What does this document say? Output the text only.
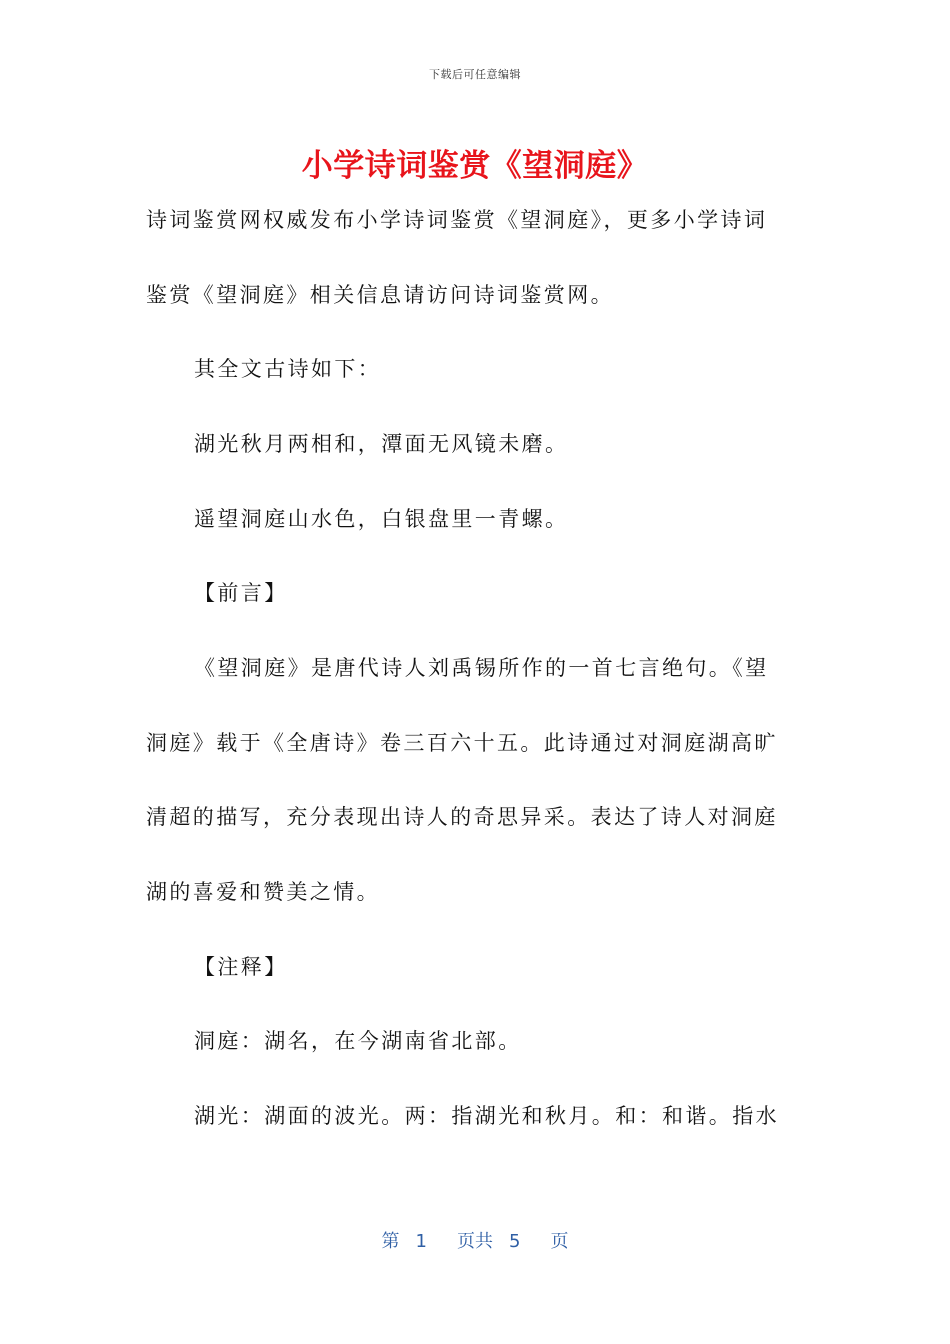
下载后可任意编辑
小学诗词鉴赏《望洞庭》
诗词鉴赏网权威发布小学诗词鉴赏《望洞庭》，更多小学诗词
鉴赏《望洞庭》相关信息请访问诗词鉴赏网。
其全文古诗如下：
湖光秋月两相和，潭面无风镜未磨。
遥望洞庭山水色，白银盘里一青螺。
【前言】
《望洞庭》是唐代诗人刘禹锡所作的一首七言绝句。《望
洞庭》载于《全唐诗》卷三百六十五。此诗通过对洞庭湖高旷
清超的描写，充分表现出诗人的奇思异采。表达了诗人对洞庭
湖的喜爱和赞美之情。
【注释】
洞庭：湖名，在今湖南省北部。
湖光：湖面的波光。两：指湖光和秋月。和：和谐。指水
第 1 页共 5 页
